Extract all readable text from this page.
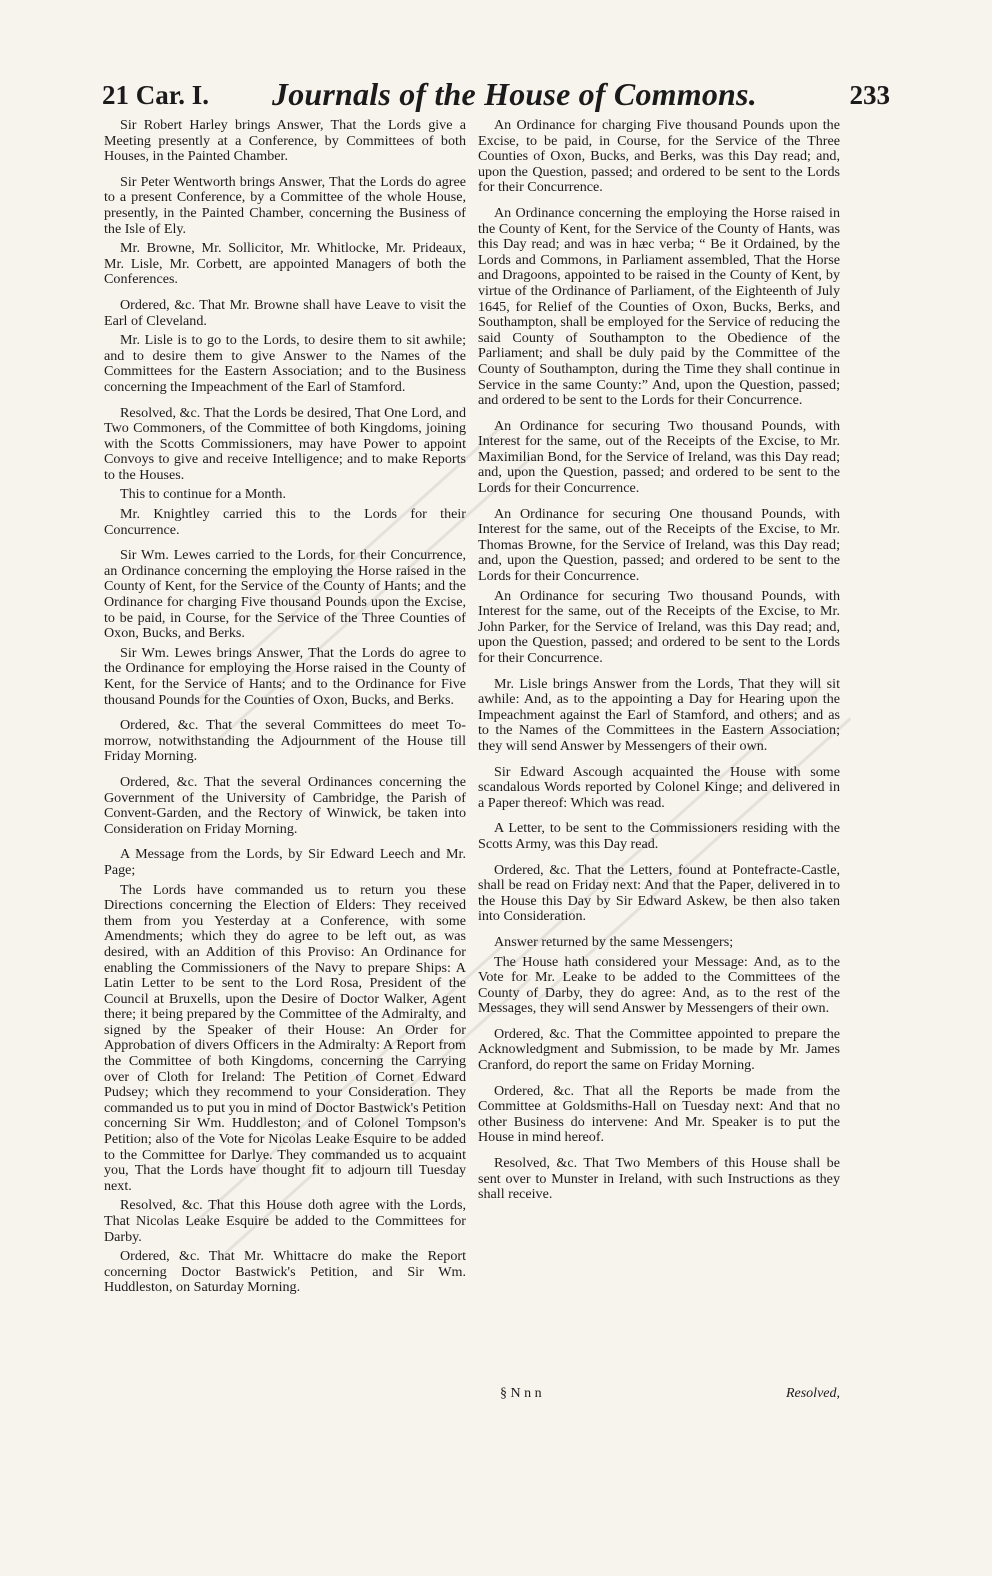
21 Car. I. Journals of the House of Commons.	233

Sir Robert Harley brings Answer, That the Lords give a Meeting presently at a Conference, by Committees of both Houses, in the Painted Chamber.

Sir Peter Wentworth brings Answer, That the Lords do agree to a present Conference, by a Committee of the whole House, presently, in the Painted Chamber, concerning the Business of the Isle of Ely.

Mr. Browne, Mr. Sollicitor, Mr. Whitlocke, Mr. Prideaux, Mr. Lisle, Mr. Corbett, are appointed Managers of both the Conferences.

Ordered, &c. That Mr. Browne shall have Leave to visit the Earl of Cleveland.

Mr. Lisle is to go to the Lords, to desire them to sit awhile; and to desire them to give Answer to the Names of the Committees for the Eastern Association; and to the Business concerning the Impeachment of the Earl of Stamford.

Resolved, &c. That the Lords be desired, That One Lord, and Two Commoners, of the Committee of both Kingdoms, joining with the Scotts Commissioners, may have Power to appoint Convoys to give and receive Intelligence; and to make Reports to the Houses.

This to continue for a Month.

Mr. Knightley carried this to the Lords for their Concurrence.

Sir Wm. Lewes carried to the Lords, for their Concurrence, an Ordinance concerning the employing the Horse raised in the County of Kent, for the Service of the County of Hants; and the Ordinance for charging Five thousand Pounds upon the Excise, to be paid, in Course, for the Service of the Three Counties of Oxon, Bucks, and Berks.

Sir Wm. Lewes brings Answer, That the Lords do agree to the Ordinance for employing the Horse raised in the County of Kent, for the Service of Hants; and to the Ordinance for Five thousand Pounds for the Counties of Oxon, Bucks, and Berks.

Ordered, &c. That the several Committees do meet To-morrow, notwithstanding the Adjournment of the House till Friday Morning.

Ordered, &c. That the several Ordinances concerning the Government of the University of Cambridge, the Parish of Convent-Garden, and the Rectory of Winwick, be taken into Consideration on Friday Morning.

A Message from the Lords, by Sir Edward Leech and Mr. Page;

The Lords have commanded us to return you these Directions concerning the Election of Elders: They received them from you Yesterday at a Conference, with some Amendments; which they do agree to be left out, as was desired, with an Addition of this Proviso: An Ordinance for enabling the Commissioners of the Navy to prepare Ships: A Latin Letter to be sent to the Lord Rosa, President of the Council at Bruxells, upon the Desire of Doctor Walker, Agent there; it being prepared by the Committee of the Admiralty, and signed by the Speaker of their House: An Order for Approbation of divers Officers in the Admiralty: A Report from the Committee of both Kingdoms, concerning the Carrying over of Cloth for Ireland: The Petition of Cornet Edward Pudsey; which they recommend to your Consideration. They commanded us to put you in mind of Doctor Bastwick's Petition concerning Sir Wm. Huddleston; and of Colonel Tompson's Petition; also of the Vote for Nicolas Leake Esquire to be added to the Committee for Darlye. They commanded us to acquaint you, That the Lords have thought fit to adjourn till Tuesday next.

Resolved, &c. That this House doth agree with the Lords, That Nicolas Leake Esquire be added to the Committees for Darby.

Ordered, &c. That Mr. Whittacre do make the Report concerning Doctor Bastwick's Petition, and Sir Wm. Huddleston, on Saturday Morning.

An Ordinance for charging Five thousand Pounds upon the Excise, to be paid, in Course, for the Service of the Three Counties of Oxon, Bucks, and Berks, was this Day read; and, upon the Question, passed; and ordered to be sent to the Lords for their Concurrence.

An Ordinance concerning the employing the Horse raised in the County of Kent, for the Service of the County of Hants, was this Day read; and was in hæc verba; “ Be it Ordained, by the Lords and Commons, in Parliament assembled, That the Horse and Dragoons, appointed to be raised in the County of Kent, by virtue of the Ordinance of Parliament, of the Eighteenth of July 1645, for Relief of the Counties of Oxon, Bucks, Berks, and Southampton, shall be employed for the Service of reducing the said County of Southampton to the Obedience of the Parliament; and shall be duly paid by the Committee of the County of Southampton, during the Time they shall continue in Service in the same County:” And, upon the Question, passed; and ordered to be sent to the Lords for their Concurrence.

An Ordinance for securing Two thousand Pounds, with Interest for the same, out of the Receipts of the Excise, to Mr. Maximilian Bond, for the Service of Ireland, was this Day read; and, upon the Question, passed; and ordered to be sent to the Lords for their Concurrence.

An Ordinance for securing One thousand Pounds, with Interest for the same, out of the Receipts of the Excise, to Mr. Thomas Browne, for the Service of Ireland, was this Day read; and, upon the Question, passed; and ordered to be sent to the Lords for their Concurrence.

An Ordinance for securing Two thousand Pounds, with Interest for the same, out of the Receipts of the Excise, to Mr. John Parker, for the Service of Ireland, was this Day read; and, upon the Question, passed; and ordered to be sent to the Lords for their Concurrence.

Mr. Lisle brings Answer from the Lords, That they will sit awhile: And, as to the appointing a Day for Hearing upon the Impeachment against the Earl of Stamford, and others; and as to the Names of the Committees in the Eastern Association; they will send Answer by Messengers of their own.

Sir Edward Ascough acquainted the House with some scandalous Words reported by Colonel Kinge; and delivered in a Paper thereof: Which was read.

A Letter, to be sent to the Commissioners residing with the Scotts Army, was this Day read.

Ordered, &c. That the Letters, found at Pontefracte-Castle, shall be read on Friday next: And that the Paper, delivered in to the House this Day by Sir Edward Askew, be then also taken into Consideration.

Answer returned by the same Messengers;

The House hath considered your Message: And, as to the Vote for Mr. Leake to be added to the Committees of the County of Darby, they do agree: And, as to the rest of the Messages, they will send Answer by Messengers of their own.

Ordered, &c. That the Committee appointed to prepare the Acknowledgment and Submission, to be made by Mr. James Cranford, do report the same on Friday Morning.

Ordered, &c. That all the Reports be made from the Committee at Goldsmiths-Hall on Tuesday next: And that no other Business do intervene: And Mr. Speaker is to put the House in mind hereof.

Resolved, &c. That Two Members of this House shall be sent over to Munster in Ireland, with such Instructions as they shall receive.

§ N n n	Resolved,
